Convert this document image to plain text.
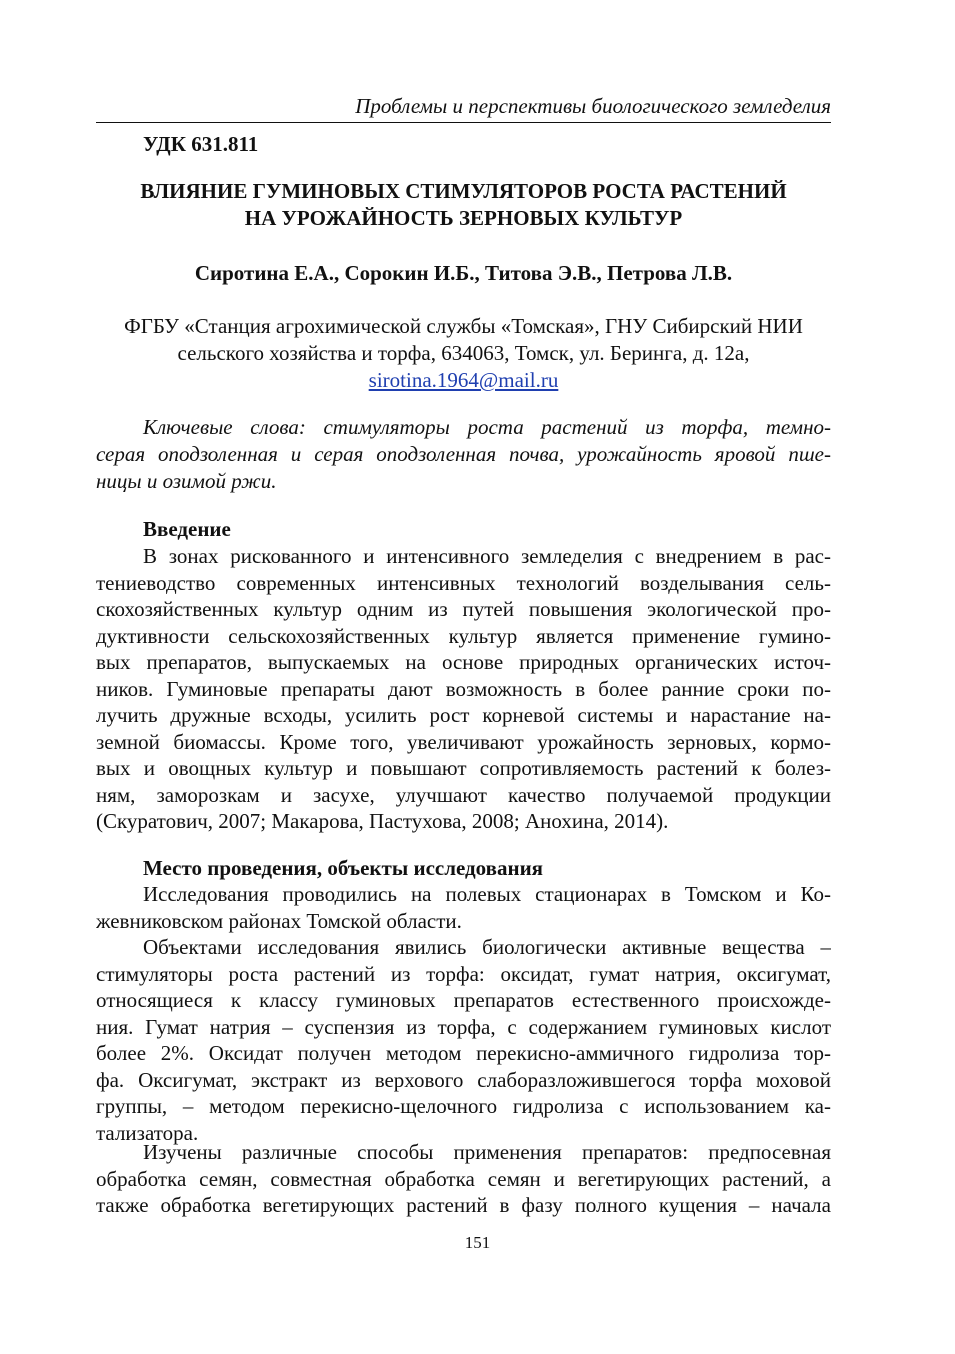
Проблемы и перспективы биологического земледелия
УДК 631.811
ВЛИЯНИЕ ГУМИНОВЫХ СТИМУЛЯТОРОВ РОСТА РАСТЕНИЙ
НА УРОЖАЙНОСТЬ ЗЕРНОВЫХ КУЛЬТУР
Сиротина Е.А., Сорокин И.Б., Титова Э.В., Петрова Л.В.
ФГБУ «Станция агрохимической службы «Томская», ГНУ Сибирский НИИ
сельского хозяйства и торфа, 634063, Томск, ул. Беринга, д. 12а,
sirotina.1964@mail.ru
Ключевые слова: стимуляторы роста растений из торфа, темно-
серая оподзоленная и серая оподзоленная почва, урожайность яровой пше-
ницы и озимой ржи.
Введение
В зонах рискованного и интенсивного земледелия с внедрением в рас-
тениеводство современных интенсивных технологий возделывания сель-
скохозяйственных культур одним из путей повышения экологической про-
дуктивности сельскохозяйственных культур является применение гумино-
вых препаратов, выпускаемых на основе природных органических источ-
ников. Гуминовые препараты дают возможность в более ранние сроки по-
лучить дружные всходы, усилить рост корневой системы и нарастание на-
земной биомассы. Кроме того, увеличивают урожайность зерновых, кормо-
вых и овощных культур и повышают сопротивляемость растений к болез-
ням, заморозкам и засухе, улучшают качество получаемой продукции
(Скуратович, 2007; Макарова, Пастухова, 2008; Анохина, 2014).
Место проведения, объекты исследования
Исследования проводились на полевых стационарах в Томском и Ко-
жевниковском районах Томской области.
Объектами исследования явились биологически активные вещества –
стимуляторы роста растений из торфа: оксидат, гумат натрия, оксигумат,
относящиеся к классу гуминовых препаратов естественного происхожде-
ния. Гумат натрия – суспензия из торфа, с содержанием гуминовых кислот
более 2%. Оксидат получен методом перекисно-аммичного гидролиза тор-
фа. Оксигумат, экстракт из верхового слаборазложившегося торфа моховой
группы, – методом перекисно-щелочного гидролиза с использованием ка-
тализатора.
Изучены различные способы применения препаратов: предпосевная
обработка семян, совместная обработка семян и вегетирующих растений, а
также обработка вегетирующих растений в фазу полного кущения – начала
151
